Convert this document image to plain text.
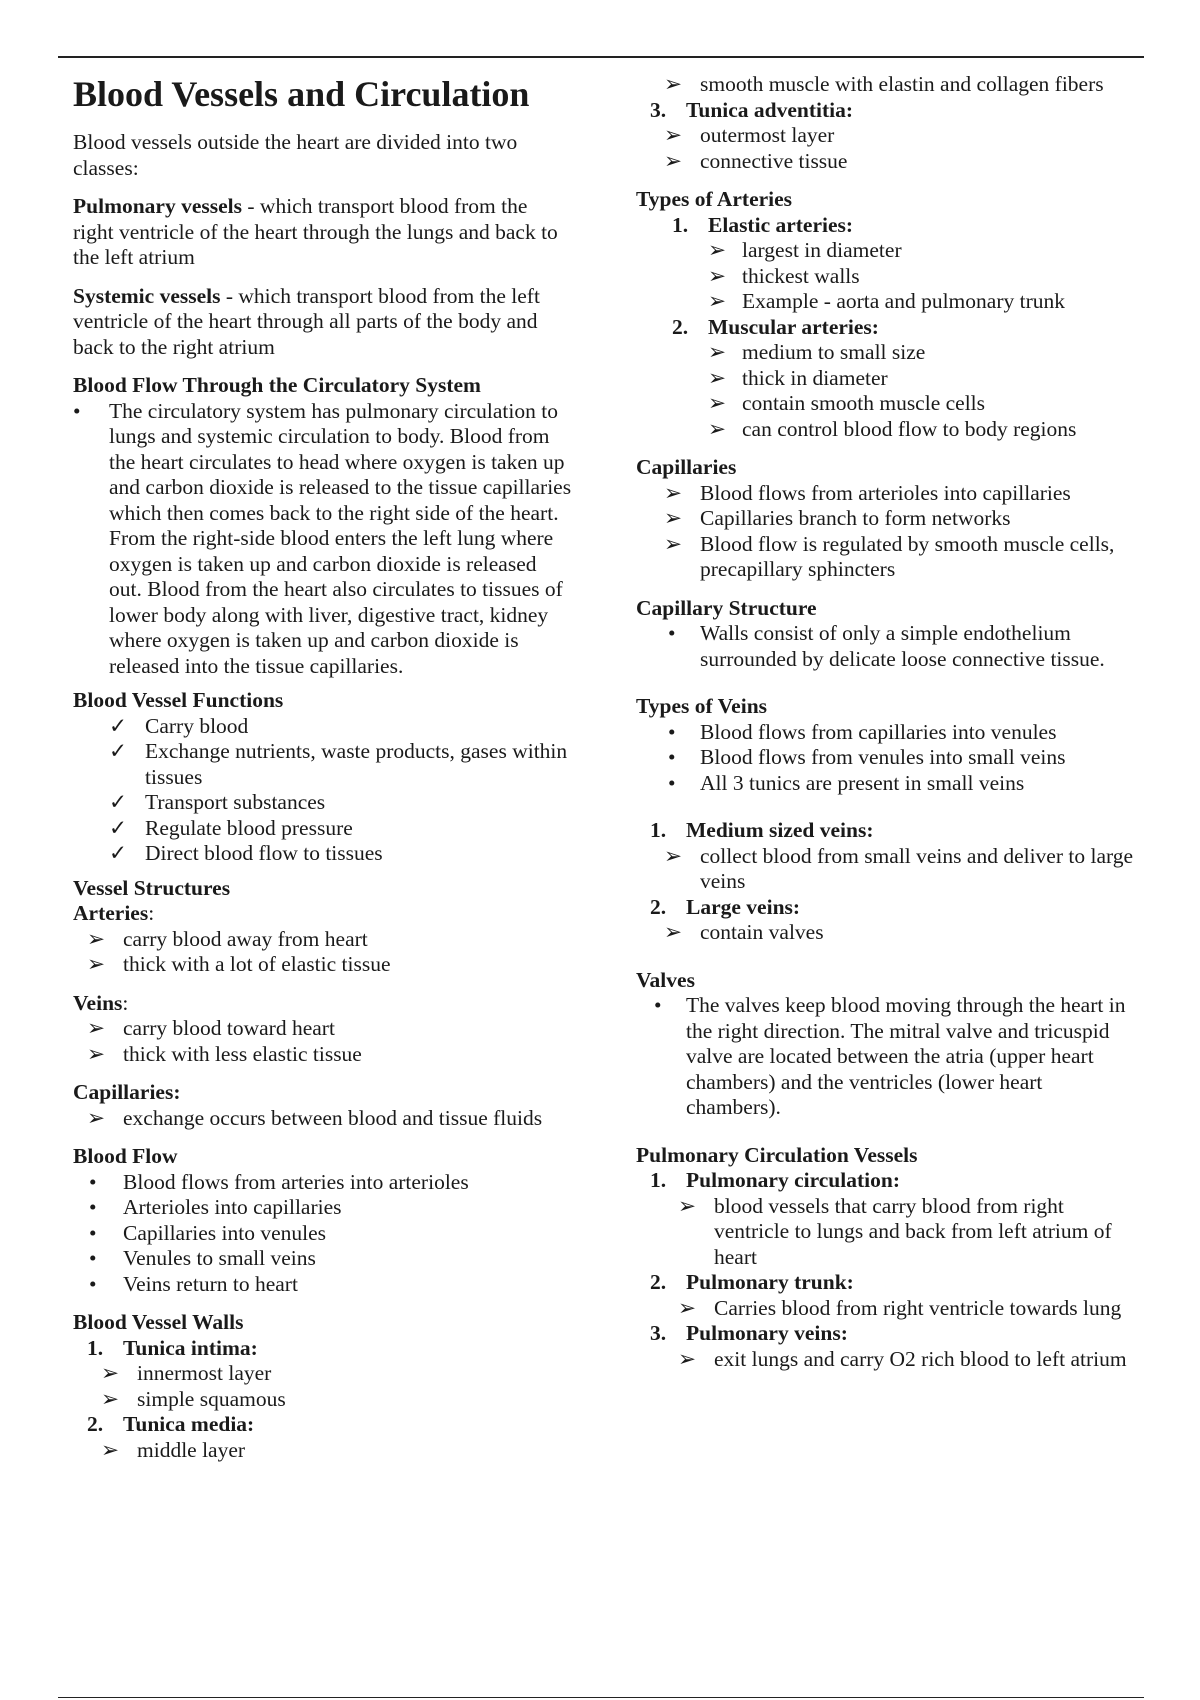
Blood Vessels and Circulation

Blood vessels outside the heart are divided into two classes:

Pulmonary vessels - which transport blood from the right ventricle of the heart through the lungs and back to the left atrium

Systemic vessels - which transport blood from the left ventricle of the heart through all parts of the body and back to the right atrium

Blood Flow Through the Circulatory System
• The circulatory system has pulmonary circulation to lungs and systemic circulation to body. Blood from the heart circulates to head where oxygen is taken up and carbon dioxide is released to the tissue capillaries which then comes back to the right side of the heart. From the right-side blood enters the left lung where oxygen is taken up and carbon dioxide is released out. Blood from the heart also circulates to tissues of lower body along with liver, digestive tract, kidney where oxygen is taken up and carbon dioxide is released into the tissue capillaries.
Blood Vessel Functions
✓ Carry blood
✓ Exchange nutrients, waste products, gases within tissues
✓ Transport substances
✓ Regulate blood pressure
✓ Direct blood flow to tissues
Vessel Structures
Arteries:
➢ carry blood away from heart
➢ thick with a lot of elastic tissue
Veins:
➢ carry blood toward heart
➢ thick with less elastic tissue
Capillaries:
➢ exchange occurs between blood and tissue fluids
Blood Flow
• Blood flows from arteries into arterioles
• Arterioles into capillaries
• Capillaries into venules
• Venules to small veins
• Veins return to heart
Blood Vessel Walls
1. Tunica intima:
➢ innermost layer
➢ simple squamous
2. Tunica media:
➢ middle layer
➢ smooth muscle with elastin and collagen fibers
3. Tunica adventitia:
➢ outermost layer
➢ connective tissue
Types of Arteries
1. Elastic arteries:
➢ largest in diameter
➢ thickest walls
➢ Example - aorta and pulmonary trunk
2. Muscular arteries:
➢ medium to small size
➢ thick in diameter
➢ contain smooth muscle cells
➢ can control blood flow to body regions
Capillaries
➢ Blood flows from arterioles into capillaries
➢ Capillaries branch to form networks
➢ Blood flow is regulated by smooth muscle cells, precapillary sphincters
Capillary Structure
• Walls consist of only a simple endothelium surrounded by delicate loose connective tissue.
Types of Veins
• Blood flows from capillaries into venules
• Blood flows from venules into small veins
• All 3 tunics are present in small veins
1. Medium sized veins:
➢ collect blood from small veins and deliver to large veins
2. Large veins:
➢ contain valves
Valves
• The valves keep blood moving through the heart in the right direction. The mitral valve and tricuspid valve are located between the atria (upper heart chambers) and the ventricles (lower heart chambers).
Pulmonary Circulation Vessels
1. Pulmonary circulation:
➢ blood vessels that carry blood from right ventricle to lungs and back from left atrium of heart
2. Pulmonary trunk:
➢ Carries blood from right ventricle towards lung
3. Pulmonary veins:
➢ exit lungs and carry O2 rich blood to left atrium
